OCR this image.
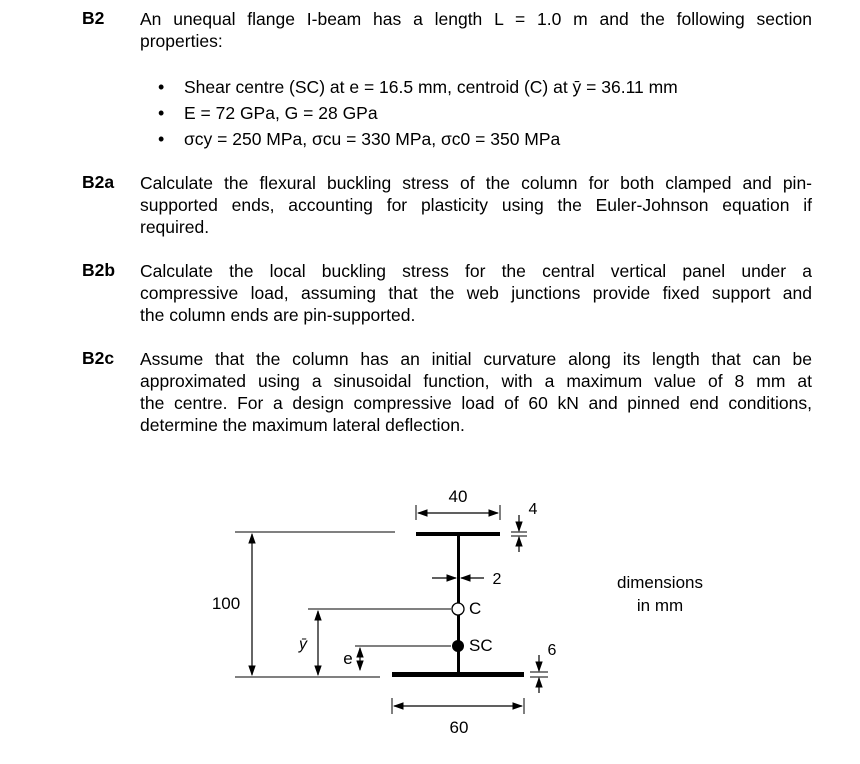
B2 An unequal flange I-beam has a length L = 1.0 m and the following section
properties:
• Shear centre (SC) at e = 16.5 mm, centroid (C) at ȳ = 36.11 mm
• E = 72 GPa, G = 28 GPa
• σcy = 250 MPa, σcu = 330 MPa, σc0 = 350 MPa
B2a Calculate the flexural buckling stress of the column for both clamped and pin-
supported ends, accounting for plasticity using the Euler-Johnson equation if
required.
B2b Calculate the local buckling stress for the central vertical panel under a
compressive load, assuming that the web junctions provide fixed support and
the column ends are pin-supported.
B2c Assume that the column has an initial curvature along its length that can be
approximated using a sinusoidal function, with a maximum value of 8 mm at
the centre. For a design compressive load of 60 kN and pinned end conditions,
determine the maximum lateral deflection.
40
4
2
100
ȳ
e
C
SC	6
60
dimensions
in mm
